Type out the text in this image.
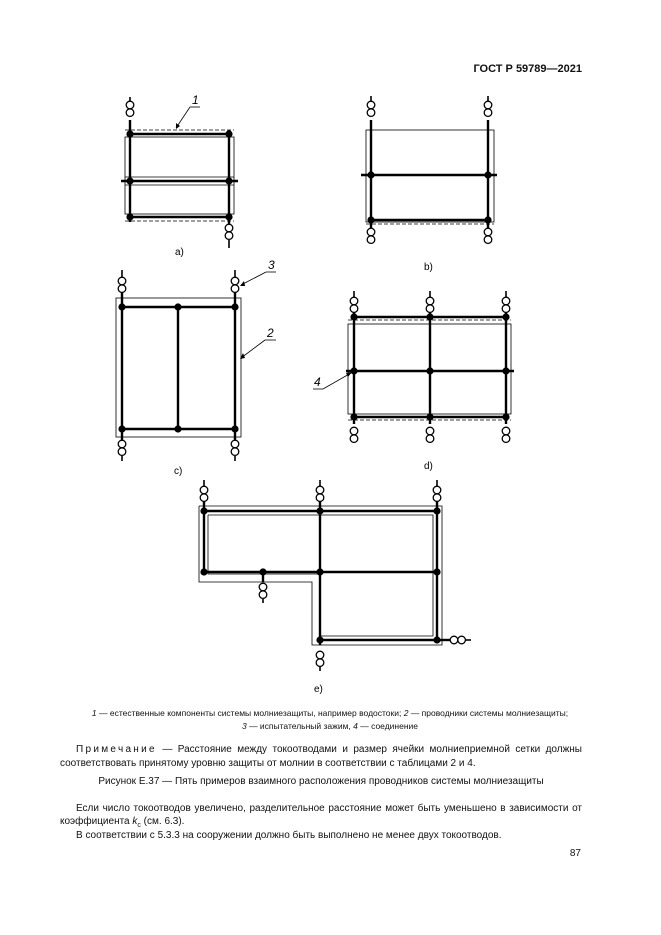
ГОСТ Р 59789—2021
a)
b)
c)	d)
e)
1
3
2
4
1 — естественные компоненты системы молниезащиты, например водостоки; 2 — проводники системы молниезащиты;
3 — испытательный зажим, 4 — соединение
Примечание — Расстояние между токоотводами и размер ячейки молниеприемной сетки должны соответствовать принятому уровню защиты от молнии в соответствии с таблицами 2 и 4.
Рисунок Е.37 — Пять примеров взаимного расположения проводников системы молниезащиты
Если число токоотводов увеличено, разделительное расстояние может быть уменьшено в зависимости от коэффициента $k_c$ (см. 6.3).
В соответствии с 5.3.3 на сооружении должно быть выполнено не менее двух токоотводов.
87
